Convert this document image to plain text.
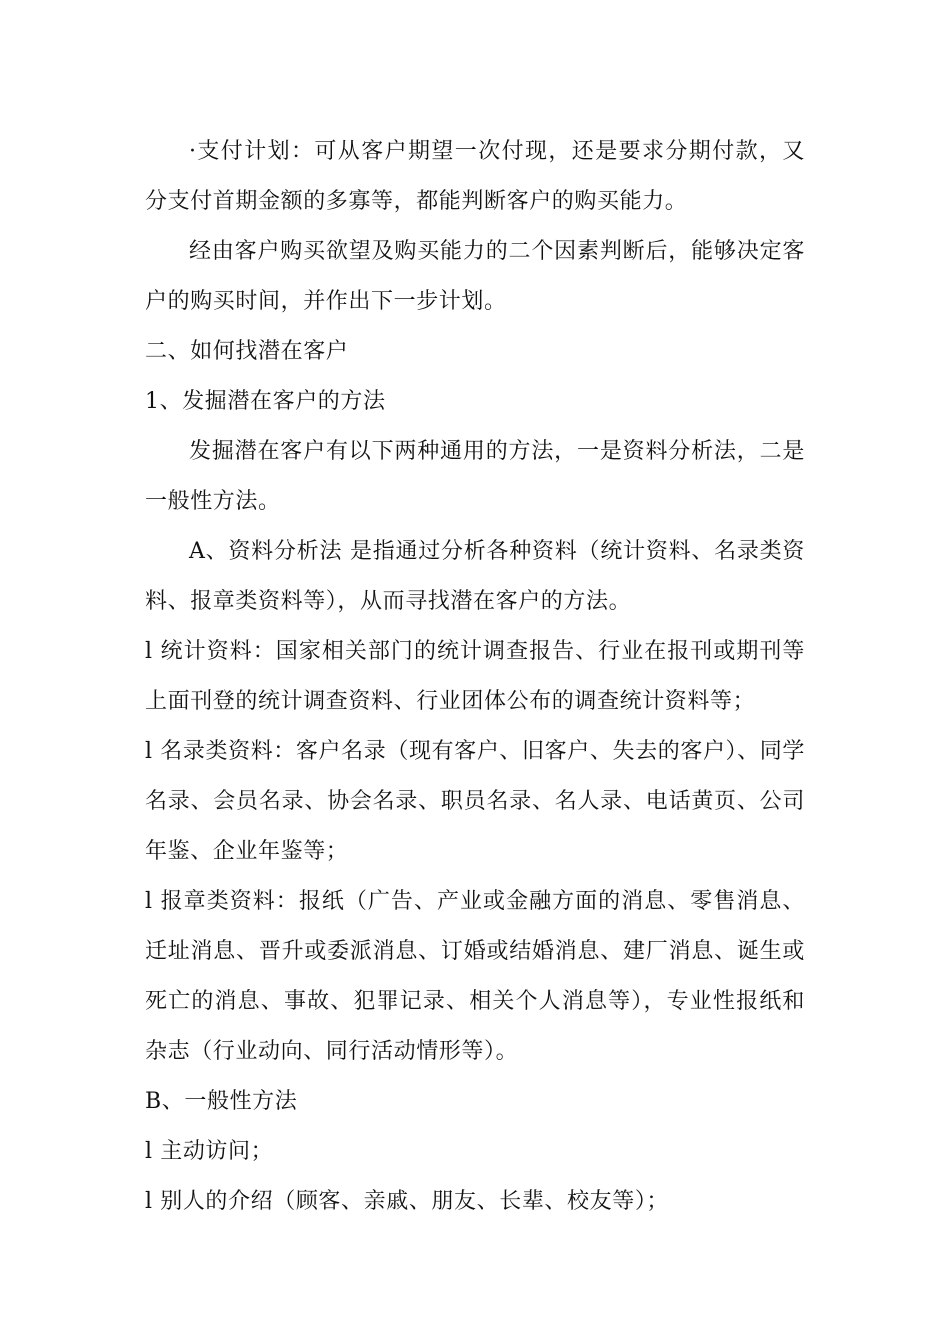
·支付计划：可从客户期望一次付现，还是要求分期付款，又分支付首期金额的多寡等，都能判断客户的购买能力。

经由客户购买欲望及购买能力的二个因素判断后，能够决定客户的购买时间，并作出下一步计划。

二、如何找潜在客户

1、发掘潜在客户的方法

发掘潜在客户有以下两种通用的方法，一是资料分析法，二是一般性方法。

A、资料分析法 是指通过分析各种资料（统计资料、名录类资料、报章类资料等），从而寻找潜在客户的方法。

l 统计资料：国家相关部门的统计调查报告、行业在报刊或期刊等上面刊登的统计调查资料、行业团体公布的调查统计资料等；

l 名录类资料：客户名录（现有客户、旧客户、失去的客户）、同学名录、会员名录、协会名录、职员名录、名人录、电话黄页、公司年鉴、企业年鉴等；

l 报章类资料：报纸（广告、产业或金融方面的消息、零售消息、迁址消息、晋升或委派消息、订婚或结婚消息、建厂消息、诞生或死亡的消息、事故、犯罪记录、相关个人消息等），专业性报纸和杂志（行业动向、同行活动情形等）。

B、一般性方法

l 主动访问；

l 别人的介绍（顾客、亲戚、朋友、长辈、校友等）；
